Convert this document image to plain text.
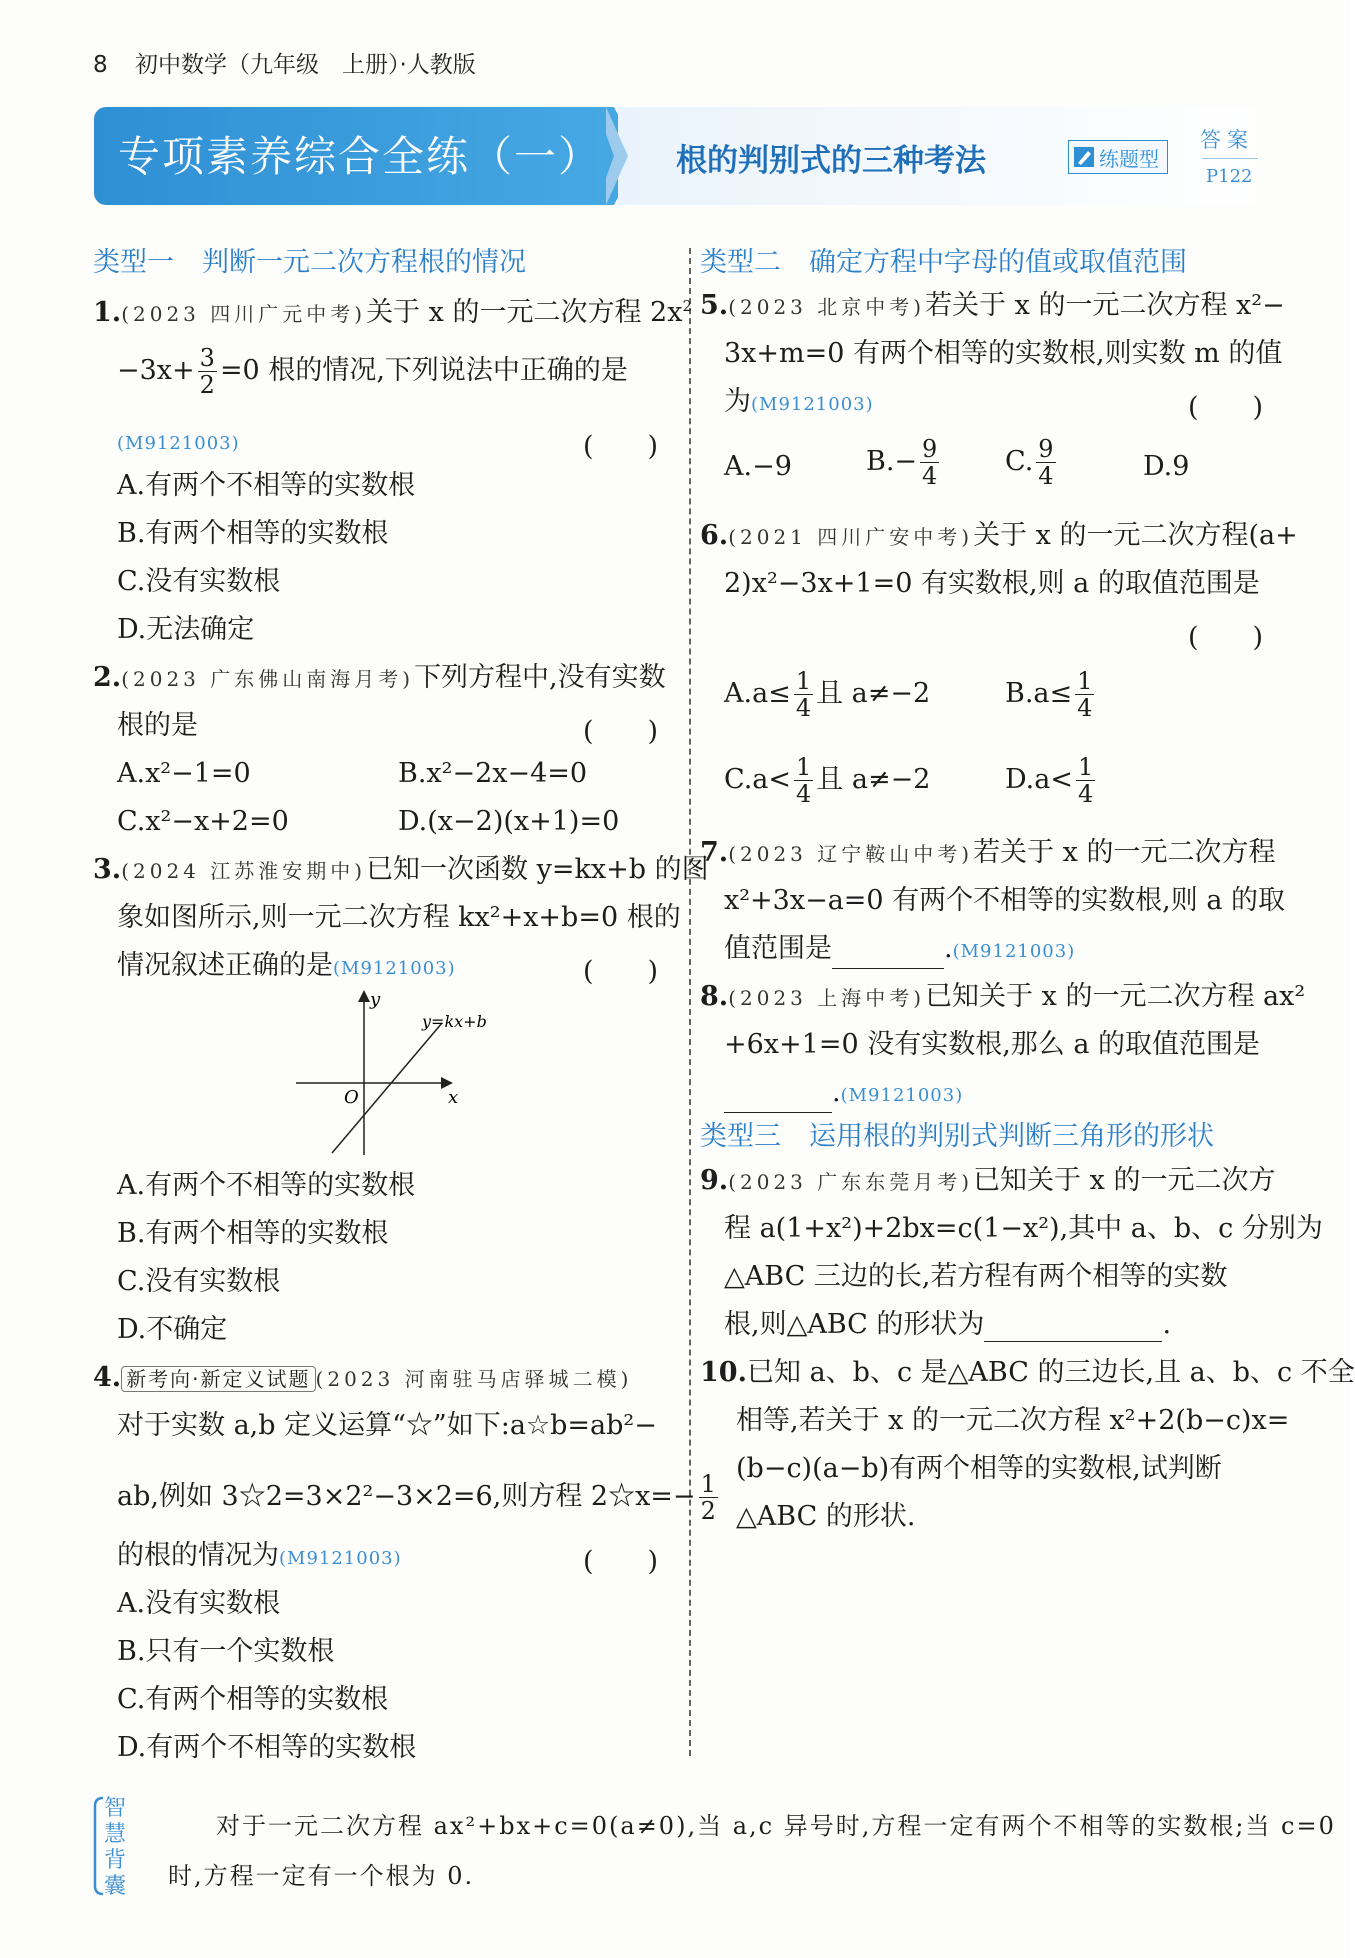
8 初中数学（九年级　上册）·人教版
专项素养综合全练（一） 根的判别式的三种考法	练题型
答案
P122
类型一 判断一元二次方程根的情况
1.(2023 四川广元中考)关于 x 的一元二次方程 $2x^2$
$-3x+ \frac{3}{2} =0$ 根的情况,下列说法中正确的是
(M9121003)	(　　)
A.有两个不相等的实数根
B.有两个相等的实数根
C.没有实数根
D.无法确定
2.(2023 广东佛山南海月考)下列方程中,没有实数
根的是	(　　)
A.x²−1=0	B.x²−2x−4=0
C.x²−x+2=0	D.(x−2)(x+1)=0
3.(2024 江苏淮安期中)已知一次函数 y=kx+b 的图
象如图所示,则一元二次方程 kx²+x+b=0 根的
情况叙述正确的是(M9121003)	(　　)
y
x
O
y=kx+b
A.有两个不相等的实数根
B.有两个相等的实数根
C.没有实数根
D.不确定
4. 新考向·新定义试题 (2023 河南驻马店驿城二模)
对于实数 a,b 定义运算“☆”如下:a☆b=ab²−
ab,例如 3☆2=3×2²−3×2=6,则方程 2☆x=− $\frac{1}{2}$
的根的情况为(M9121003)	(　　)
A.没有实数根
B.只有一个实数根
C.有两个相等的实数根
D.有两个不相等的实数根
类型二 确定方程中字母的值或取值范围
5.(2023 北京中考)若关于 x 的一元二次方程 x²−
3x+m=0 有两个相等的实数根,则实数 m 的值
为(M9121003)	(　　)
A.−9	$B.- \frac{9}{4} C$. $\frac{9}{4}$	D.9
6.(2021 四川广安中考)关于 x 的一元二次方程(a+
2)x²−3x+1=0 有实数根,则 a 的取值范围是
(　　)
$A.a\le \frac{1}{4}$ 且 a≠−2	$B.a\le \frac{1}{4}$
$C.a< \frac{1}{4}$ 且 a≠−2	$D.a< \frac{1}{4}$
7.(2023 辽宁鞍山中考)若关于 x 的一元二次方程
x²+3x−a=0 有两个不相等的实数根,则 a 的取
值范围是	.(M9121003)
8.(2023 上海中考)已知关于 x 的一元二次方程 ax²
+6x+1=0 没有实数根,那么 a 的取值范围是
.(M9121003)
类型三 运用根的判别式判断三角形的形状
9.(2023 广东东莞月考)已知关于 x 的一元二次方
程 a(1+x²)+2bx=c(1−x²),其中 a、b、c 分别为
△ABC 三边的长,若方程有两个相等的实数
根,则△ABC 的形状为	.
10.已知 a、b、c 是△ABC 的三边长,且 a、b、c 不全
相等,若关于 x 的一元二次方程 x²+2(b−c)x=
(b−c)(a−b)有两个相等的实数根,试判断
△ABC 的形状.
智慧背囊
对于一元二次方程 ax²+bx+c=0(a≠0),当 a,c 异号时,方程一定有两个不相等的实数根;当 c=0
时,方程一定有一个根为 0.
